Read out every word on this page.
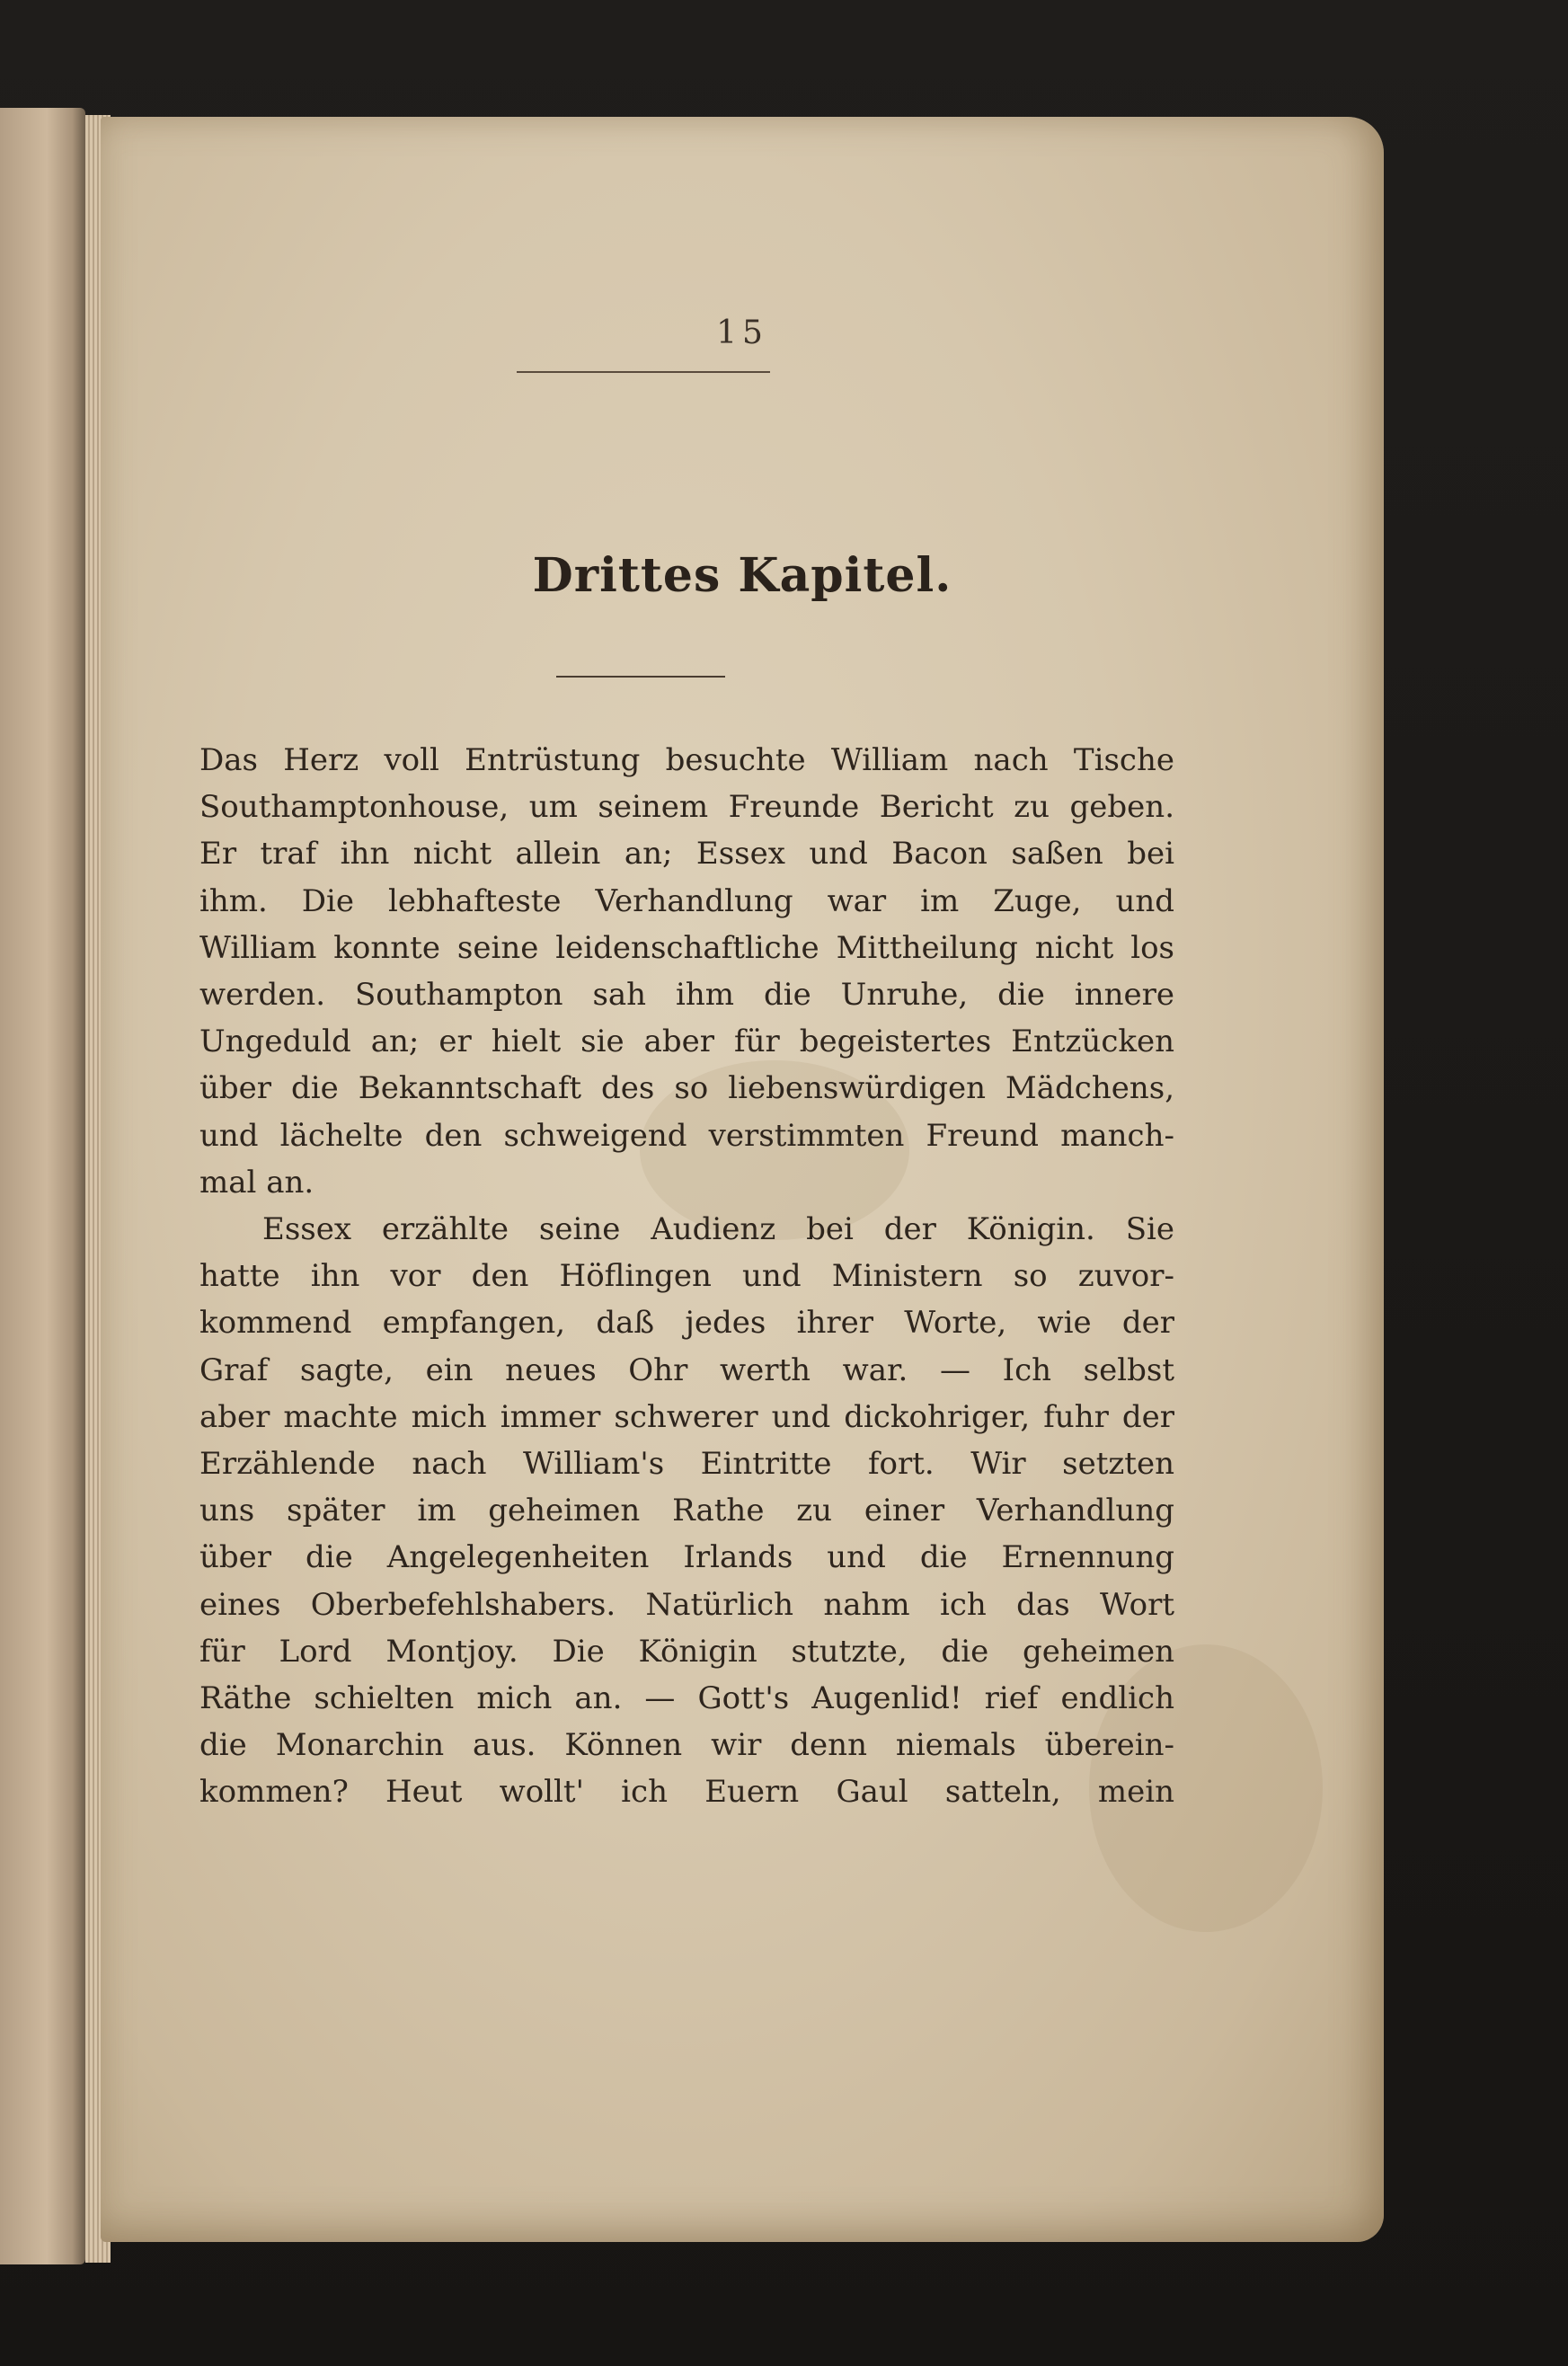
15
Drittes Kapitel.
Das Herz voll Entrüstung besuchte William nach Tische
Southamptonhouse, um seinem Freunde Bericht zu geben.
Er traf ihn nicht allein an; Essex und Bacon saßen bei
ihm. Die lebhafteste Verhandlung war im Zuge, und
William konnte seine leidenschaftliche Mittheilung nicht los
werden. Southampton sah ihm die Unruhe, die innere
Ungeduld an; er hielt sie aber für begeistertes Entzücken
über die Bekanntschaft des so liebenswürdigen Mädchens,
und lächelte den schweigend verstimmten Freund manch-
mal an.
Essex erzählte seine Audienz bei der Königin. Sie
hatte ihn vor den Höflingen und Ministern so zuvor-
kommend empfangen, daß jedes ihrer Worte, wie der
Graf sagte, ein neues Ohr werth war. — Ich selbst
aber machte mich immer schwerer und dickohriger, fuhr der
Erzählende nach William's Eintritte fort. Wir setzten
uns später im geheimen Rathe zu einer Verhandlung
über die Angelegenheiten Irlands und die Ernennung
eines Oberbefehlshabers. Natürlich nahm ich das Wort
für Lord Montjoy. Die Königin stutzte, die geheimen
Räthe schielten mich an. — Gott's Augenlid! rief endlich
die Monarchin aus. Können wir denn niemals überein-
kommen? Heut wollt' ich Euern Gaul satteln, mein
